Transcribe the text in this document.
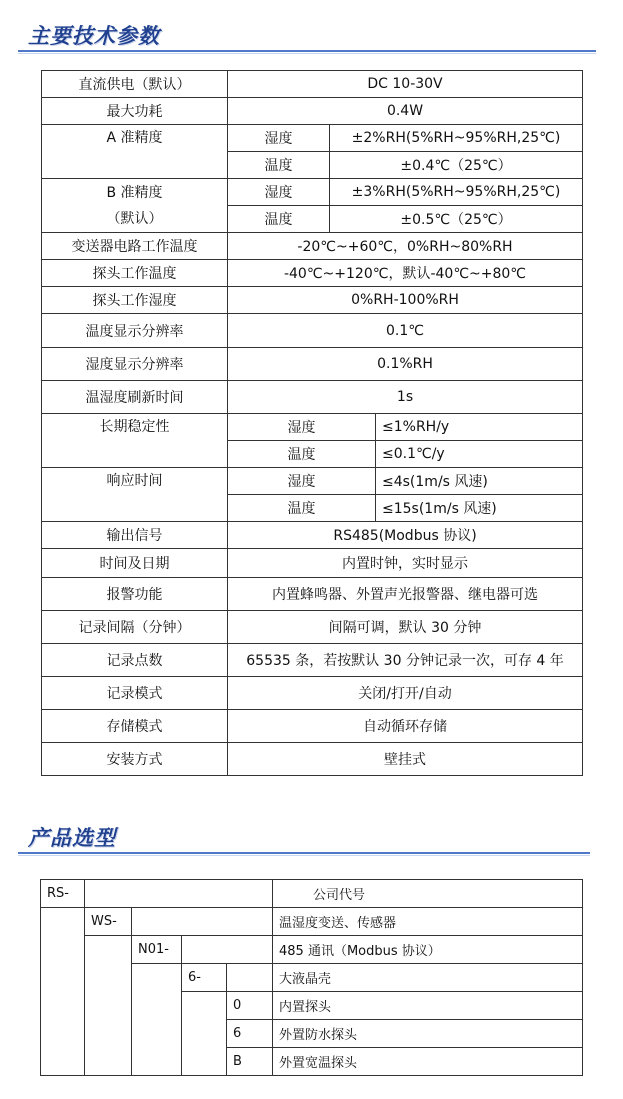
主要技术参数
直流供电（默认）	DC 10-30V		
最大功耗	0.4W		
A 准精度	湿度	±2%RH(5%RH~95%RH,25℃)	
	温度	±0.4℃（25℃）	

B 准精度
（默认）	湿度	±3%RH(5%RH~95%RH,25℃)	
	温度	±0.5℃（25℃）	
变送器电路工作温度	-20℃~+60℃，0%RH~80%RH		
探头工作温度	-40℃~+120℃，默认-40℃~+80℃		
探头工作湿度	0%RH-100%RH		
温度显示分辨率	0.1℃		
湿度显示分辨率	0.1%RH		
温湿度刷新时间	1s		
长期稳定性	湿度		≤1%RH/y
	温度		≤0.1℃/y
响应时间	湿度		≤4s(1m/s 风速)
	温度		≤15s(1m/s 风速)
输出信号	RS485(Modbus 协议)		
时间及日期	内置时钟，实时显示		
报警功能	内置蜂鸣器、外置声光报警器、继电器可选		
记录间隔（分钟）	间隔可调，默认 30 分钟		
记录点数	65535 条，若按默认 30 分钟记录一次，可存 4 年		
记录模式	关闭/打开/自动		
存储模式	自动循环存储		
安装方式	壁挂式		
产品选型
RS-					公司代号
	WS-				温湿度变送、传感器
		N01-			485 通讯（Modbus 协议）
			6-		大液晶壳
				0	内置探头
				6	外置防水探头
				B	外置宽温探头
